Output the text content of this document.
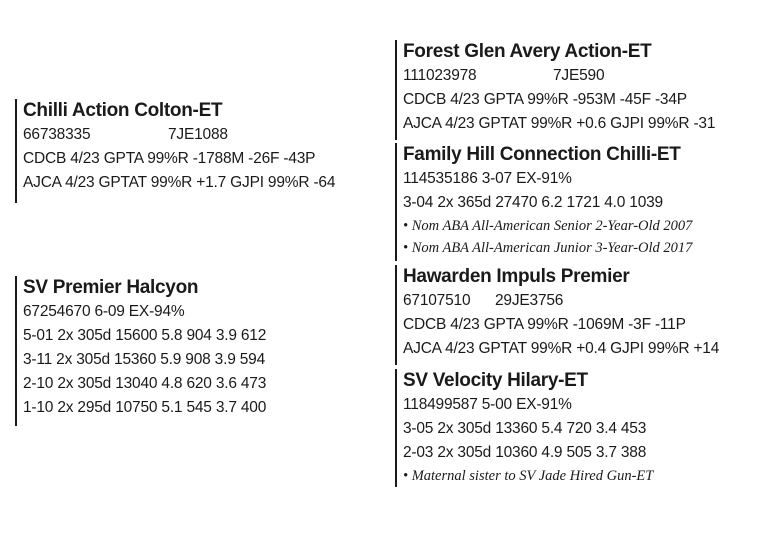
Chilli Action Colton-ET
66738335	7JE1088
CDCB 4/23 GPTA 99%R -1788M -26F -43P
AJCA 4/23 GPTAT 99%R +1.7 GJPI 99%R -64
SV Premier Halcyon
67254670 6-09 EX-94%
5-01 2x 305d 15600 5.8 904 3.9 612
3-11 2x 305d 15360 5.9 908 3.9 594
2-10 2x 305d 13040 4.8 620 3.6 473
1-10 2x 295d 10750 5.1 545 3.7 400
Forest Glen Avery Action-ET
111023978	7JE590
CDCB 4/23 GPTA 99%R -953M -45F -34P
AJCA 4/23 GPTAT 99%R +0.6 GJPI 99%R -31
Family Hill Connection Chilli-ET
114535186 3-07 EX-91%
3-04 2x 365d 27470 6.2 1721 4.0 1039
• Nom ABA All-American Senior 2-Year-Old 2007
• Nom ABA All-American Junior 3-Year-Old 2017
Hawarden Impuls Premier
67107510 29JE3756
CDCB 4/23 GPTA 99%R -1069M -3F -11P
AJCA 4/23 GPTAT 99%R +0.4 GJPI 99%R +14
SV Velocity Hilary-ET
118499587 5-00 EX-91%
3-05 2x 305d 13360 5.4 720 3.4 453
2-03 2x 305d 10360 4.9 505 3.7 388
• Maternal sister to SV Jade Hired Gun-ET
